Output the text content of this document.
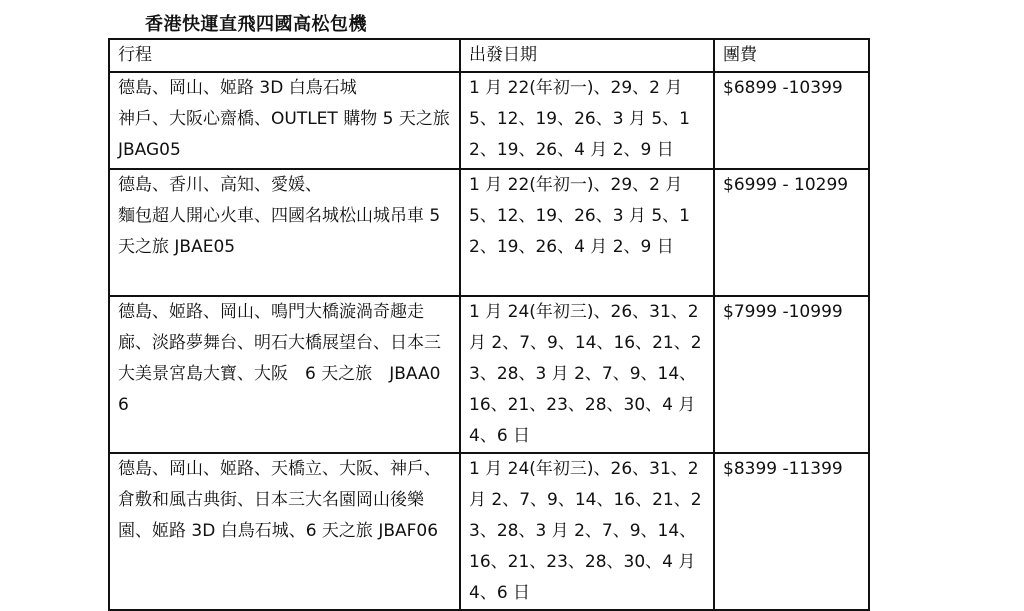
香港快運直飛四國高松包機
行程	出發日期	團費

德島、岡山、姬路 3D 白鳥石城
神戶、大阪心齋橋、OUTLET 購物 5 天之旅 JBAG05	1 月 22(年初一)、29、2 月 5、12、19、26、3 月 5、12、19、26、4 月 2、9 日	$6899 -10399

德島、香川、高知、愛媛、
麵包超人開心火車、四國名城松山城吊車 5 天之旅 JBAE05	1 月 22(年初一)、29、2 月 5、12、19、26、3 月 5、12、19、26、4 月 2、9 日	$6999 - 10299

德島、姬路、岡山、鳴門大橋漩渦奇趣走廊、淡路夢舞台、明石大橋展望台、日本三大美景宮島大寶、大阪　6 天之旅　JBAA06	1 月 24(年初三)、26、31、2 月 2、7、9、14、16、21、23、28、3 月 2、7、9、14、16、21、23、28、30、4 月 4、6 日	$7999 -10999

德島、岡山、姬路、天橋立、大阪、神戶、倉敷和風古典街、日本三大名園岡山後樂園、姬路 3D 白鳥石城、6 天之旅 JBAF06	1 月 24(年初三)、26、31、2 月 2、7、9、14、16、21、23、28、3 月 2、7、9、14、16、21、23、28、30、4 月 4、6 日	$8399 -11399
